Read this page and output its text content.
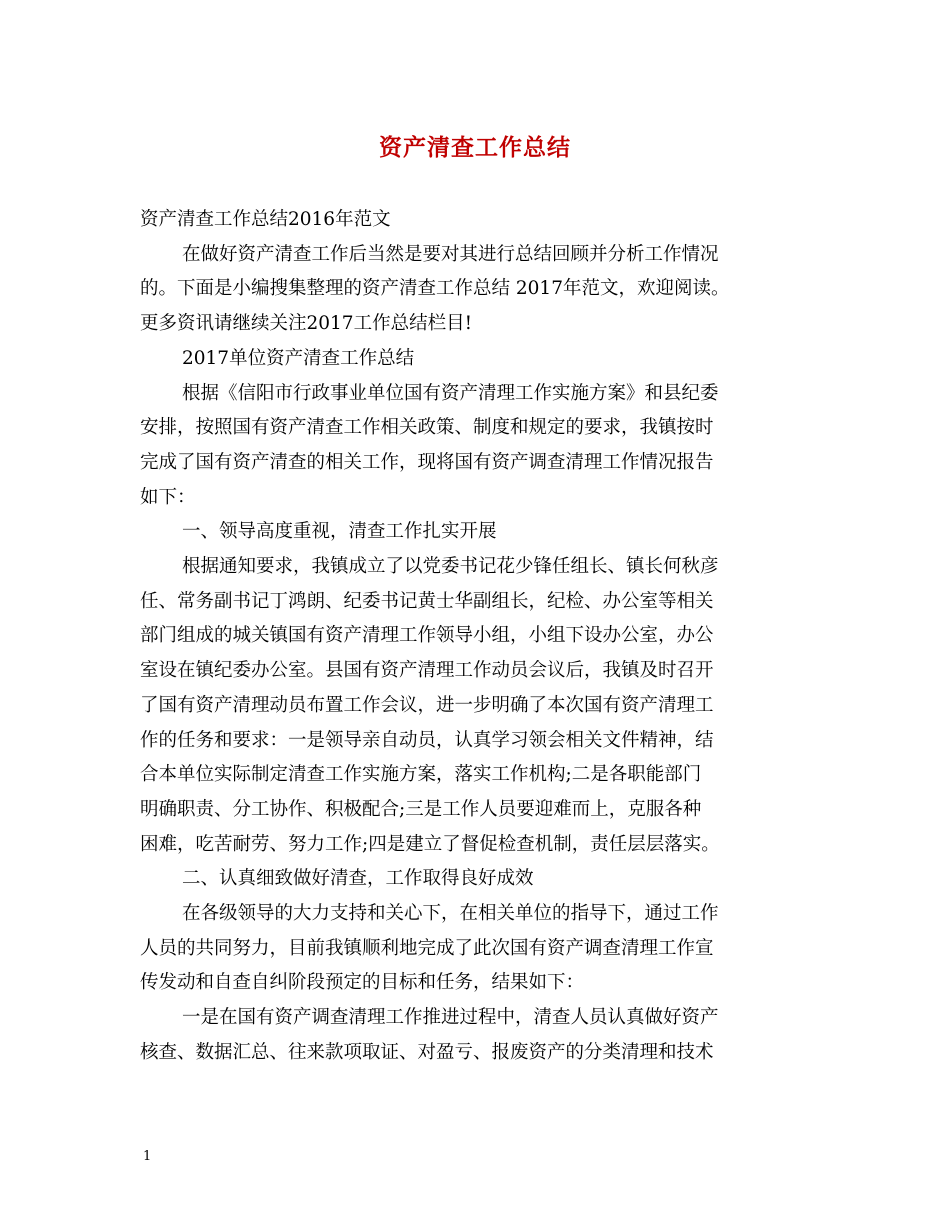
资产清查工作总结

资产清查工作总结2016年范文

在做好资产清查工作后当然是要对其进行总结回顾并分析工作情况

的。下面是小编搜集整理的资产清查工作总结 2017年范文，欢迎阅读。

更多资讯请继续关注2017工作总结栏目!

2017单位资产清查工作总结

根据《信阳市行政事业单位国有资产清理工作实施方案》和县纪委

安排，按照国有资产清查工作相关政策、制度和规定的要求，我镇按时

完成了国有资产清查的相关工作，现将国有资产调查清理工作情况报告

如下：

一、领导高度重视，清查工作扎实开展

根据通知要求，我镇成立了以党委书记花少锋任组长、镇长何秋彦

任、常务副书记丁鸿朗、纪委书记黄士华副组长，纪检、办公室等相关

部门组成的城关镇国有资产清理工作领导小组，小组下设办公室，办公

室设在镇纪委办公室。县国有资产清理工作动员会议后，我镇及时召开

了国有资产清理动员布置工作会议，进一步明确了本次国有资产清理工

作的任务和要求：一是领导亲自动员，认真学习领会相关文件精神，结

合本单位实际制定清查工作实施方案，落实工作机构;二是各职能部门

明确职责、分工协作、积极配合;三是工作人员要迎难而上，克服各种

困难，吃苦耐劳、努力工作;四是建立了督促检查机制，责任层层落实。

二、认真细致做好清查，工作取得良好成效

在各级领导的大力支持和关心下，在相关单位的指导下，通过工作

人员的共同努力，目前我镇顺利地完成了此次国有资产调查清理工作宣

传发动和自查自纠阶段预定的目标和任务，结果如下：

一是在国有资产调查清理工作推进过程中，清查人员认真做好资产

核查、数据汇总、往来款项取证、对盈亏、报废资产的分类清理和技术

1
